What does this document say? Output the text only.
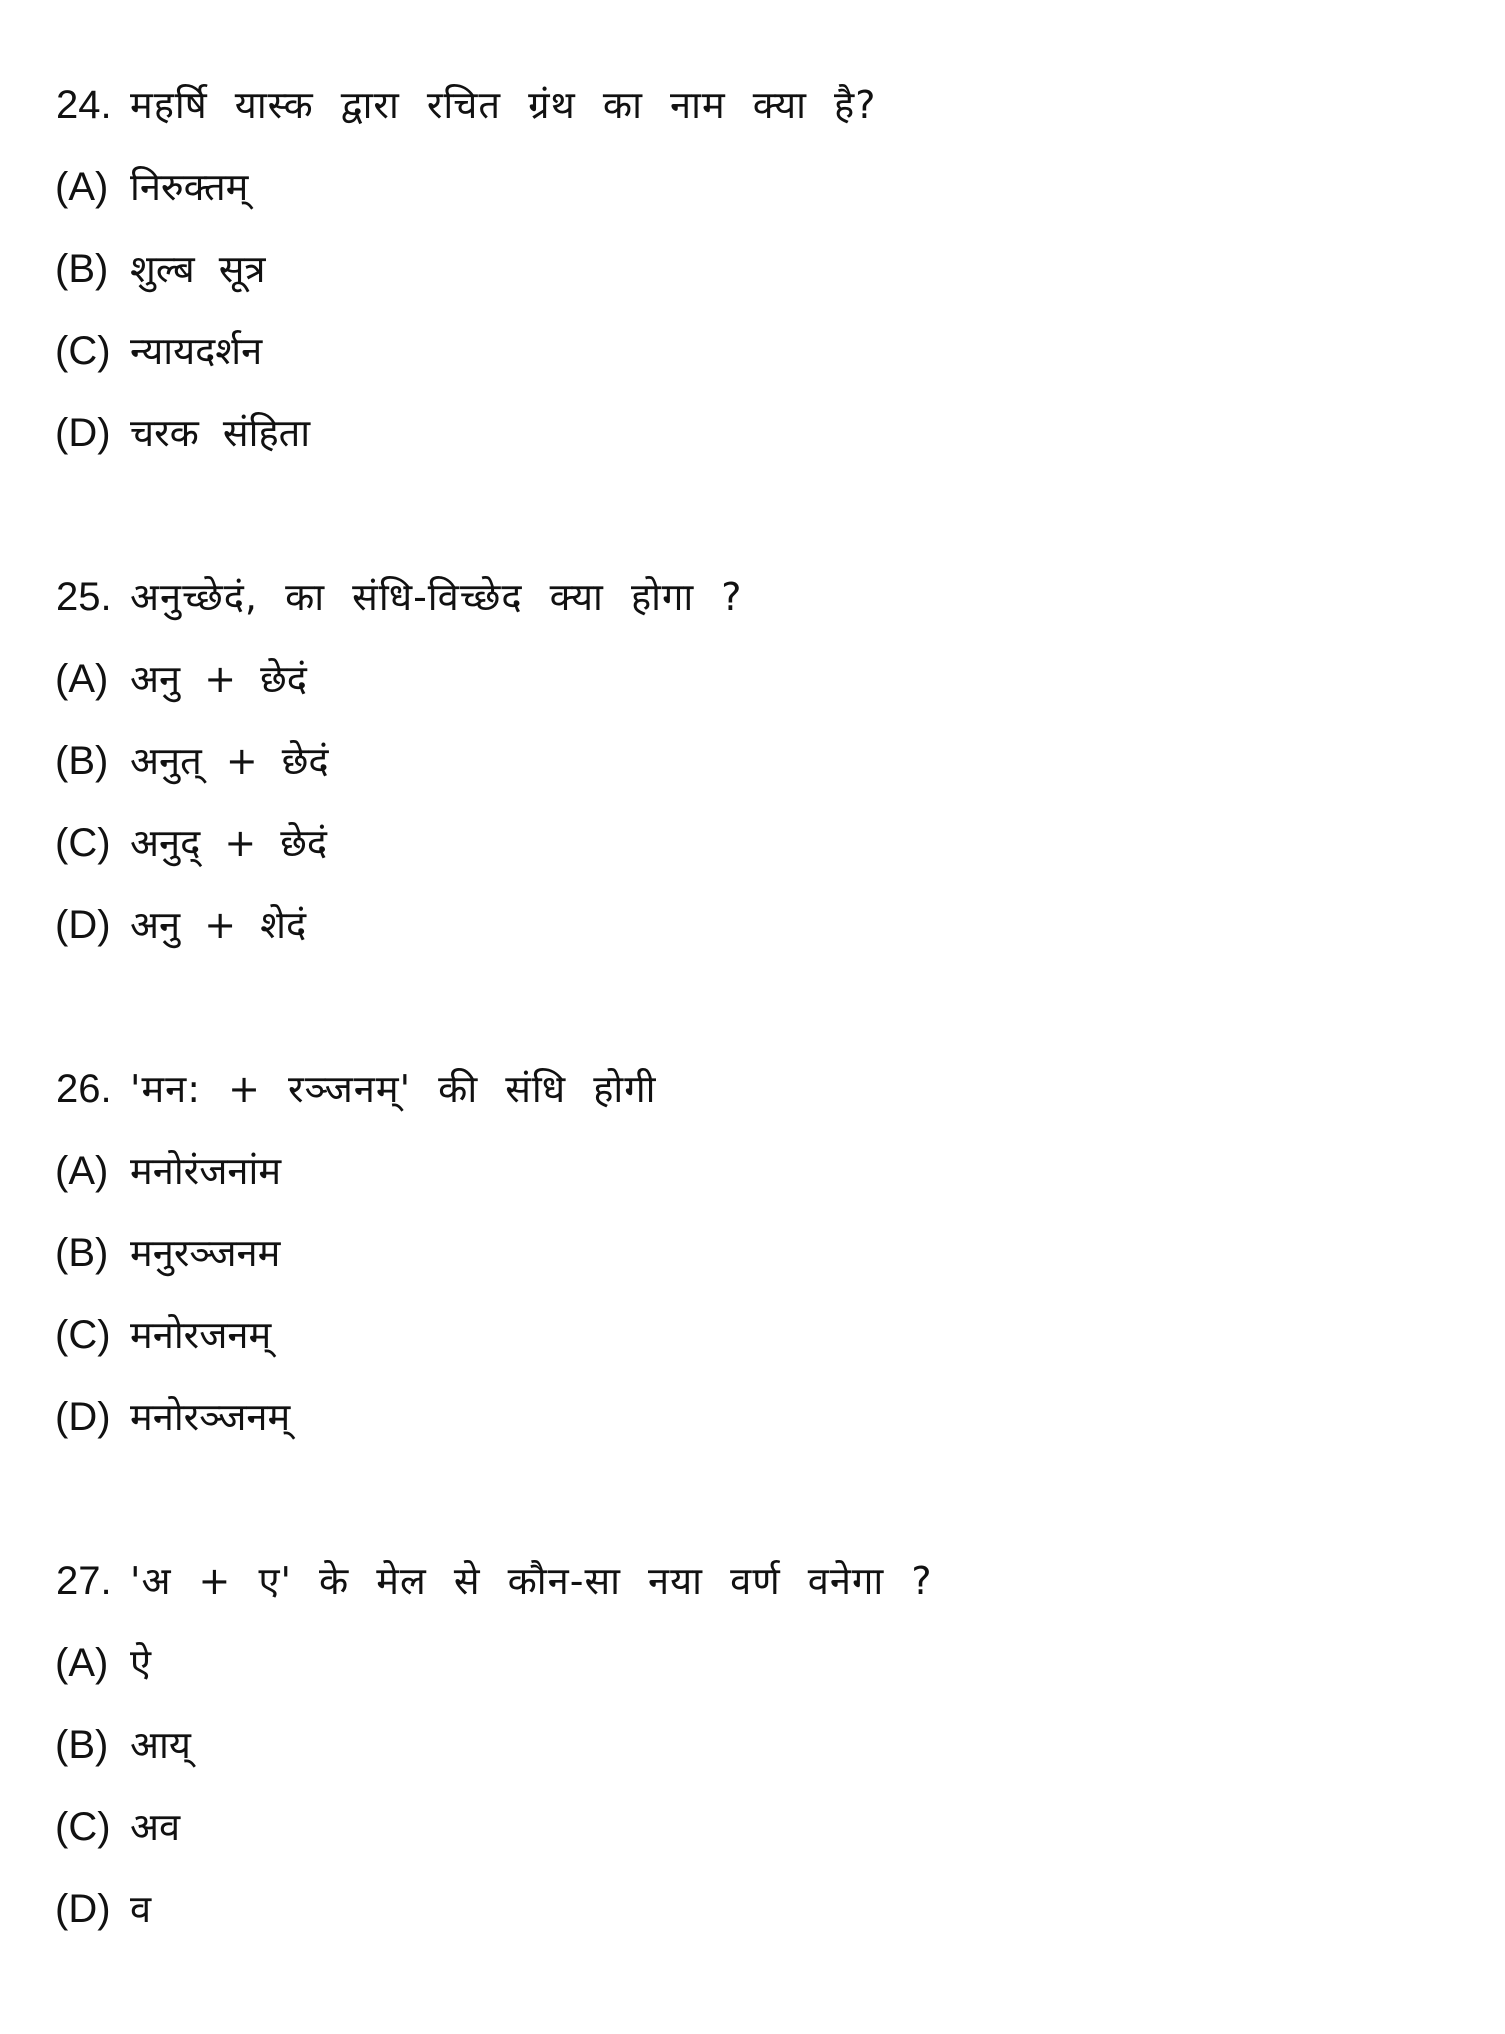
24. महर्षि यास्क द्वारा रचित ग्रंथ का नाम क्या है?
(A) निरुक्तम्
(B) शुल्ब सूत्र
(C) न्यायदर्शन
(D) चरक संहिता
25. अनुच्छेदं, का संधि-विच्छेद क्या होगा ?
(A) अनु + छेदं
(B) अनुत् + छेदं
(C) अनुद् + छेदं
(D) अनु + शेदं
26. 'मन: + रञ्जनम्' की संधि होगी
(A) मनोरंजनांम
(B) मनुरञ्जनम
(C) मनोरजनम्
(D) मनोरञ्जनम्
27. 'अ + ए' के मेल से कौन-सा नया वर्ण वनेगा ?
(A) ऐ
(B) आय्
(C) अव
(D) व
